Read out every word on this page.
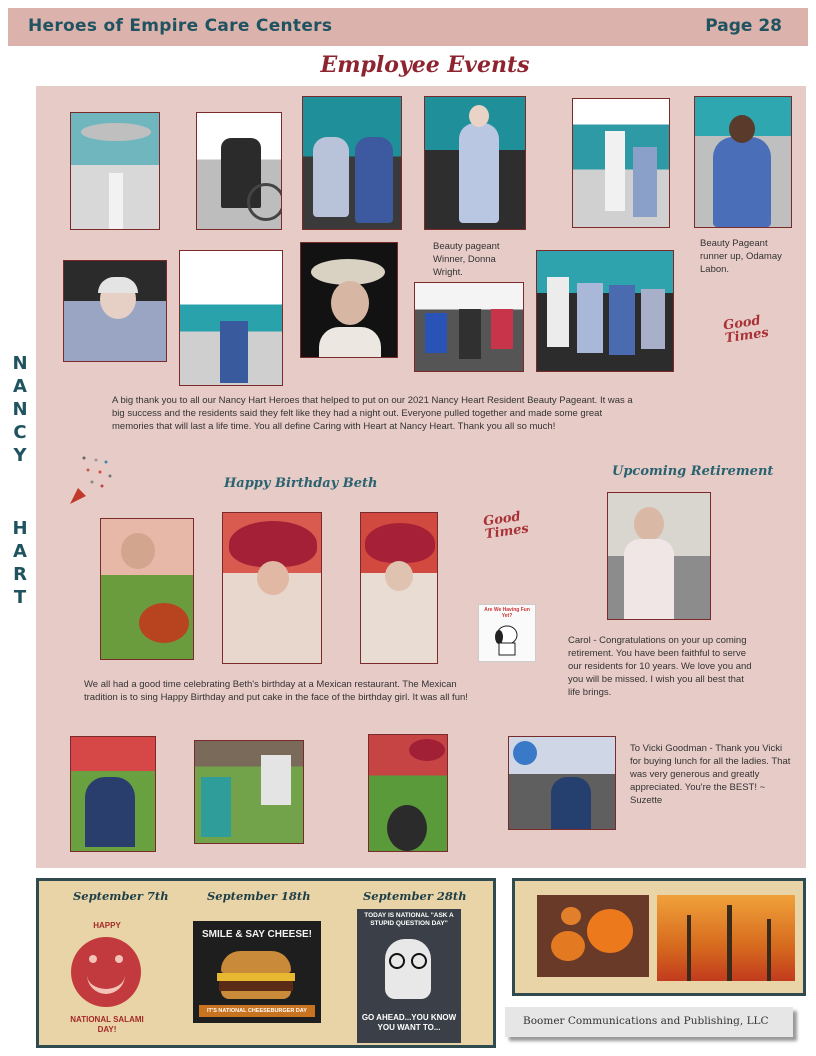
Heroes of Empire Care Centers	Page 28
Employee Events
N
A
N
C
Y
H
A
R
T
Beauty pageant Winner, Donna Wright.
Beauty Pageant runner up, Odamay Labon.
Good Times
A big thank you to all our Nancy Hart Heroes that helped to put on our 2021 Nancy Heart Resident Beauty Pageant. It was a big success and the residents said they felt like they had a night out. Everyone pulled together and made some great memories that will last a life time. You all define Caring with Heart at Nancy Heart. Thank you all so much!
Happy Birthday Beth
Good Times
Are We Having Fun Yet?
We all had a good time celebrating Beth's birthday at a Mexican restaurant. The Mexican tradition is to sing Happy Birthday and put cake in the face of the birthday girl. It was all fun!
Upcoming Retirement
Carol - Congratulations on your up coming retirement. You have been faithful to serve our residents for 10 years. We love you and you will be missed. I wish you all best that life brings.
To Vicki Goodman - Thank you Vicki for buying lunch for all the ladies. That was very generous and greatly appreciated. You're the BEST! ~ Suzette
September 7th	September 18th	September 28th
HAPPY
NATIONAL SALAMI DAY!
SMILE & SAY CHEESE!
IT'S NATIONAL CHEESEBURGER DAY
TODAY IS NATIONAL "ASK A STUPID QUESTION DAY"
GO AHEAD...YOU KNOW YOU WANT TO...
Boomer Communications and Publishing, LLC
